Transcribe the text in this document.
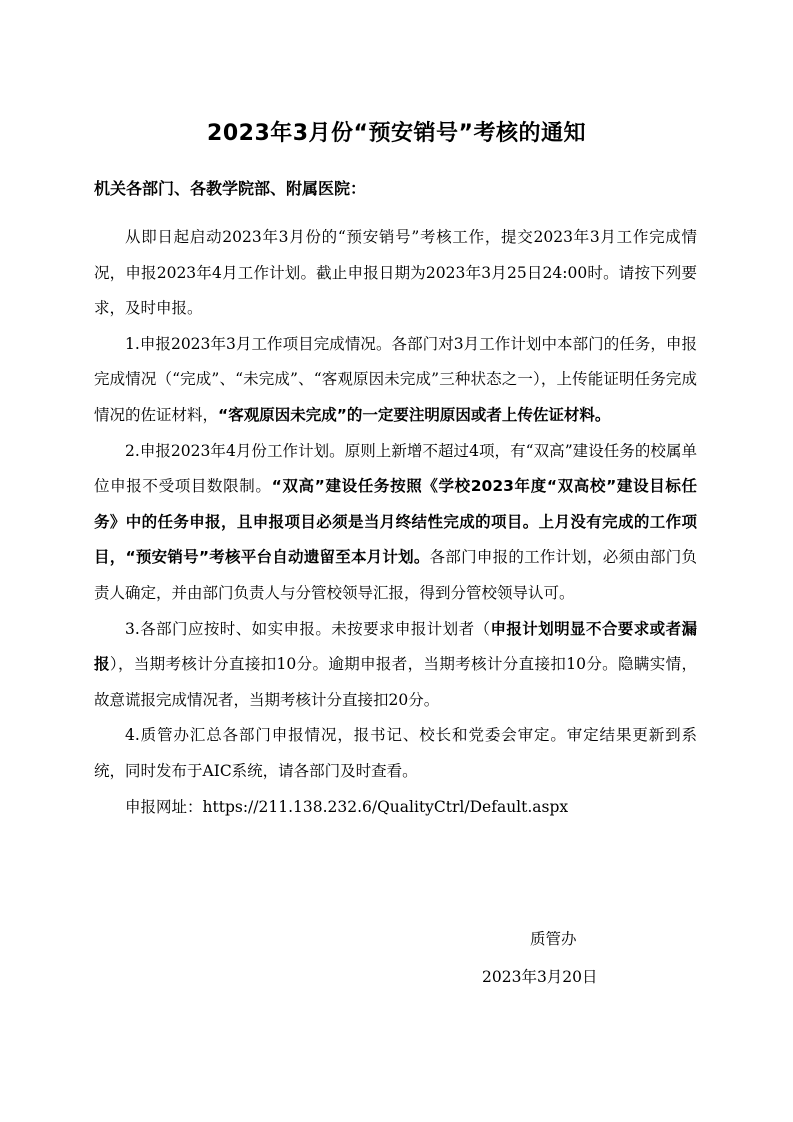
2023年3月份“预安销号”考核的通知
机关各部门、各教学院部、附属医院：

从即日起启动2023年3月份的“预安销号”考核工作，提交2023年3月工作完成情况，申报2023年4月工作计划。截止申报日期为2023年3月25日24:00时。请按下列要求，及时申报。

1.申报2023年3月工作项目完成情况。各部门对3月工作计划中本部门的任务，申报完成情况（“完成”、“未完成”、“客观原因未完成”三种状态之一），上传能证明任务完成情况的佐证材料，“客观原因未完成”的一定要注明原因或者上传佐证材料。

2.申报2023年4月份工作计划。原则上新增不超过4项，有“双高”建设任务的校属单位申报不受项目数限制。“双高”建设任务按照《学校2023年度“双高校”建设目标任务》中的任务申报，且申报项目必须是当月终结性完成的项目。上月没有完成的工作项目，“预安销号”考核平台自动遗留至本月计划。各部门申报的工作计划，必须由部门负责人确定，并由部门负责人与分管校领导汇报，得到分管校领导认可。

3.各部门应按时、如实申报。未按要求申报计划者（申报计划明显不合要求或者漏报），当期考核计分直接扣10分。逾期申报者，当期考核计分直接扣10分。隐瞒实情，故意谎报完成情况者，当期考核计分直接扣20分。

4.质管办汇总各部门申报情况，报书记、校长和党委会审定。审定结果更新到系统，同时发布于AIC系统，请各部门及时查看。

申报网址：https://211.138.232.6/QualityCtrl/Default.aspx

质管办
2023年3月20日
